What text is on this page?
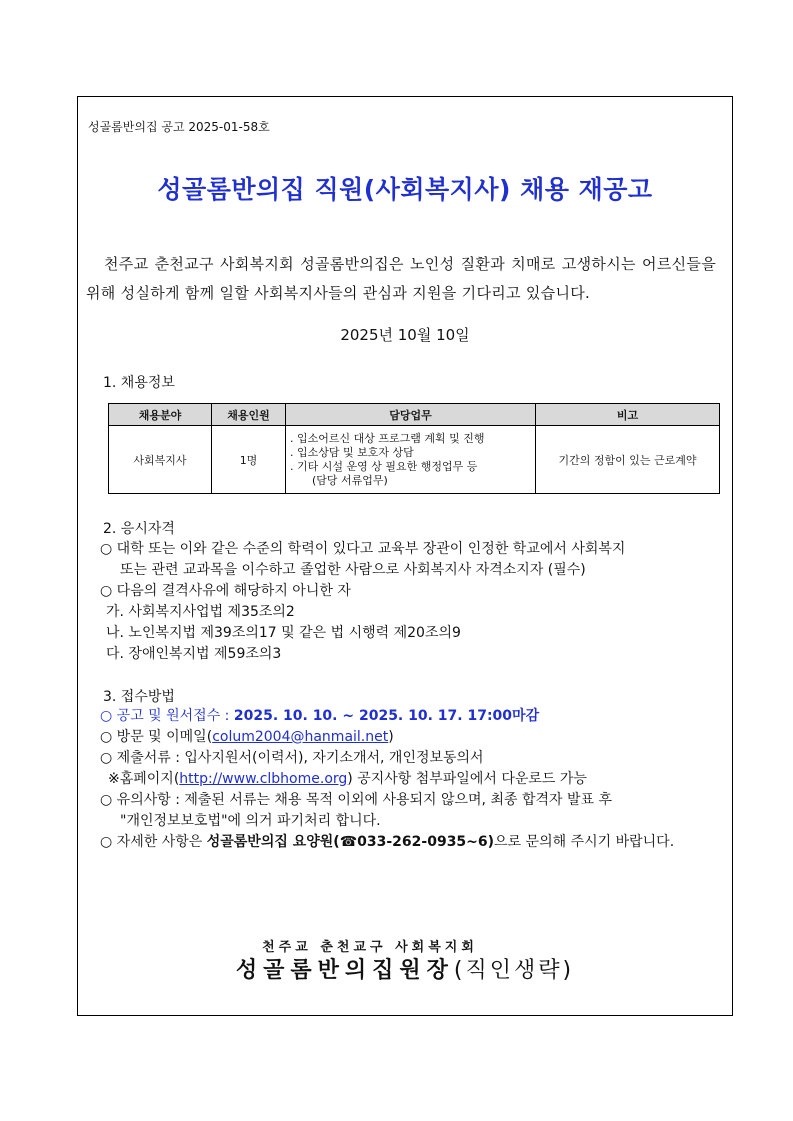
성골롬반의집 공고 2025-01-58호
성골롬반의집 직원(사회복지사) 채용 재공고
천주교 춘천교구 사회복지회 성골롬반의집은 노인성 질환과 치매로 고생하시는 어르신들을 위해 성실하게 함께 일할 사회복지사들의 관심과 지원을 기다리고 있습니다.
2025년 10월 10일
1. 채용정보
채용분야	채용인원	담당업무	비고
사회복지사	1명	. 입소어르신 대상 프로그램 계획 및 진행
. 입소상담 및 보호자 상담
. 기타 시설 운영 상 필요한 행정업무 등
(담당 서류업무)	기간의 정함이 있는 근로계약
2. 응시자격
○ 대학 또는 이와 같은 수준의 학력이 있다고 교육부 장관이 인정한 학교에서 사회복지
또는 관련 교과목을 이수하고 졸업한 사람으로 사회복지사 자격소지자 (필수)
○ 다음의 결격사유에 해당하지 아니한 자
가. 사회복지사업법 제35조의2
나. 노인복지법 제39조의17 및 같은 법 시행력 제20조의9
다. 장애인복지법 제59조의3
3. 접수방법
○ 공고 및 원서접수 : 2025. 10. 10. ~ 2025. 10. 17. 17:00마감
○ 방문 및 이메일(colum2004@hanmail.net)
○ 제출서류 : 입사지원서(이력서), 자기소개서, 개인정보동의서
※홈페이지(http://www.clbhome.org) 공지사항 첨부파일에서 다운로드 가능
○ 유의사항 : 제출된 서류는 채용 목적 이외에 사용되지 않으며, 최종 합격자 발표 후
"개인정보보호법"에 의거 파기처리 합니다.
○ 자세한 사항은 성골롬반의집 요양원(☎033-262-0935~6)으로 문의해 주시기 바랍니다.
천주교 춘천교구 사회복지회
성골롬반의집원장(직인생략)
